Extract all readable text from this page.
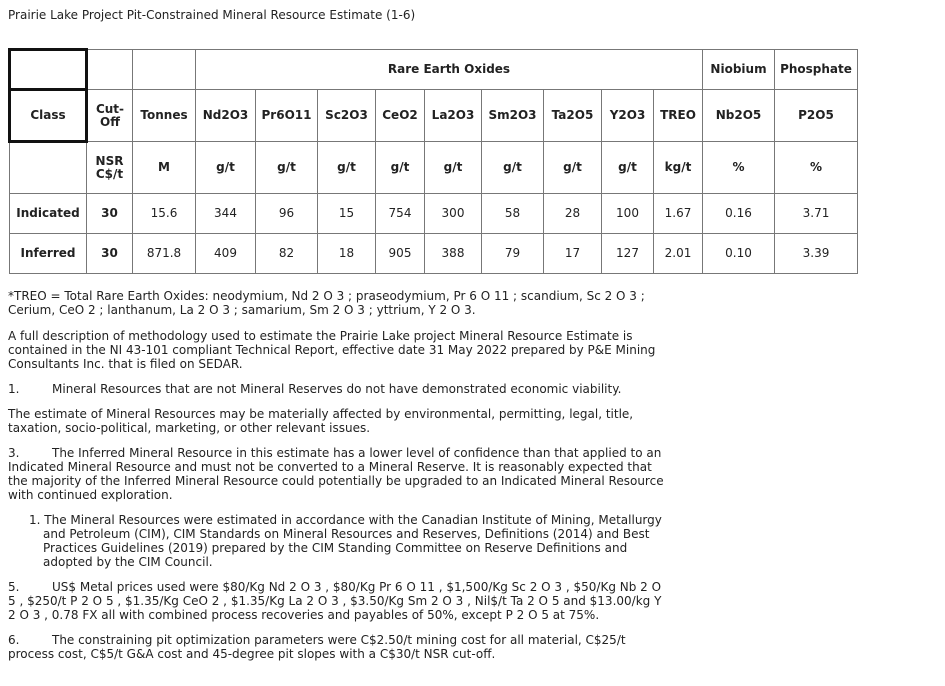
Prairie Lake Project Pit-Constrained Mineral Resource Estimate (1-6)
			Rare Earth Oxides									Niobium	Phosphate
Class	Cut-Off	Tonnes	Nd2O3	Pr6O11	Sc2O3	CeO2	La2O3	Sm2O3	Ta2O5	Y2O3	TREO	Nb2O5	P2O5

	NSR C$/t	M	g/t	g/t	g/t	g/t	g/t	g/t	g/t	g/t	kg/t	%	%
Indicated	30	15.6	344	96	15	754	300	58	28	100	1.67	0.16	3.71
Inferred	30	871.8	409	82	18	905	388	79	17	127	2.01	0.10	3.39

*TREO = Total Rare Earth Oxides: neodymium, Nd 2 O 3 ; praseodymium, Pr 6 O 11 ; scandium, Sc 2 O 3 ; Cerium, CeO 2 ; lanthanum, La 2 O 3 ; samarium, Sm 2 O 3 ; yttrium, Y 2 O 3.

A full description of methodology used to estimate the Prairie Lake project Mineral Resource Estimate is contained in the NI 43-101 compliant Technical Report, effective date 31 May 2022 prepared by P&E Mining Consultants Inc. that is filed on SEDAR.

1.	Mineral Resources that are not Mineral Reserves do not have demonstrated economic viability.

The estimate of Mineral Resources may be materially affected by environmental, permitting, legal, title, taxation, socio-political, marketing, or other relevant issues.

3.	The Inferred Mineral Resource in this estimate has a lower level of confidence than that applied to an Indicated Mineral Resource and must not be converted to a Mineral Reserve. It is reasonably expected that the majority of the Inferred Mineral Resource could potentially be upgraded to an Indicated Mineral Resource with continued exploration.

1. The Mineral Resources were estimated in accordance with the Canadian Institute of Mining, Metallurgy and Petroleum (CIM), CIM Standards on Mineral Resources and Reserves, Definitions (2014) and Best Practices Guidelines (2019) prepared by the CIM Standing Committee on Reserve Definitions and adopted by the CIM Council.

5.	US$ Metal prices used were $80/Kg Nd 2 O 3 , $80/Kg Pr 6 O 11 , $1,500/Kg Sc 2 O 3 , $50/Kg Nb 2 O 5 , $250/t P 2 O 5 , $1.35/Kg CeO 2 , $1.35/Kg La 2 O 3 , $3.50/Kg Sm 2 O 3 , Nil$/t Ta 2 O 5 and $13.00/kg Y 2 O 3 , 0.78 FX all with combined process recoveries and payables of 50%, except P 2 O 5 at 75%.

6.	The constraining pit optimization parameters were C$2.50/t mining cost for all material, C$25/t process cost, C$5/t G&A cost and 45-degree pit slopes with a C$30/t NSR cut-off.
